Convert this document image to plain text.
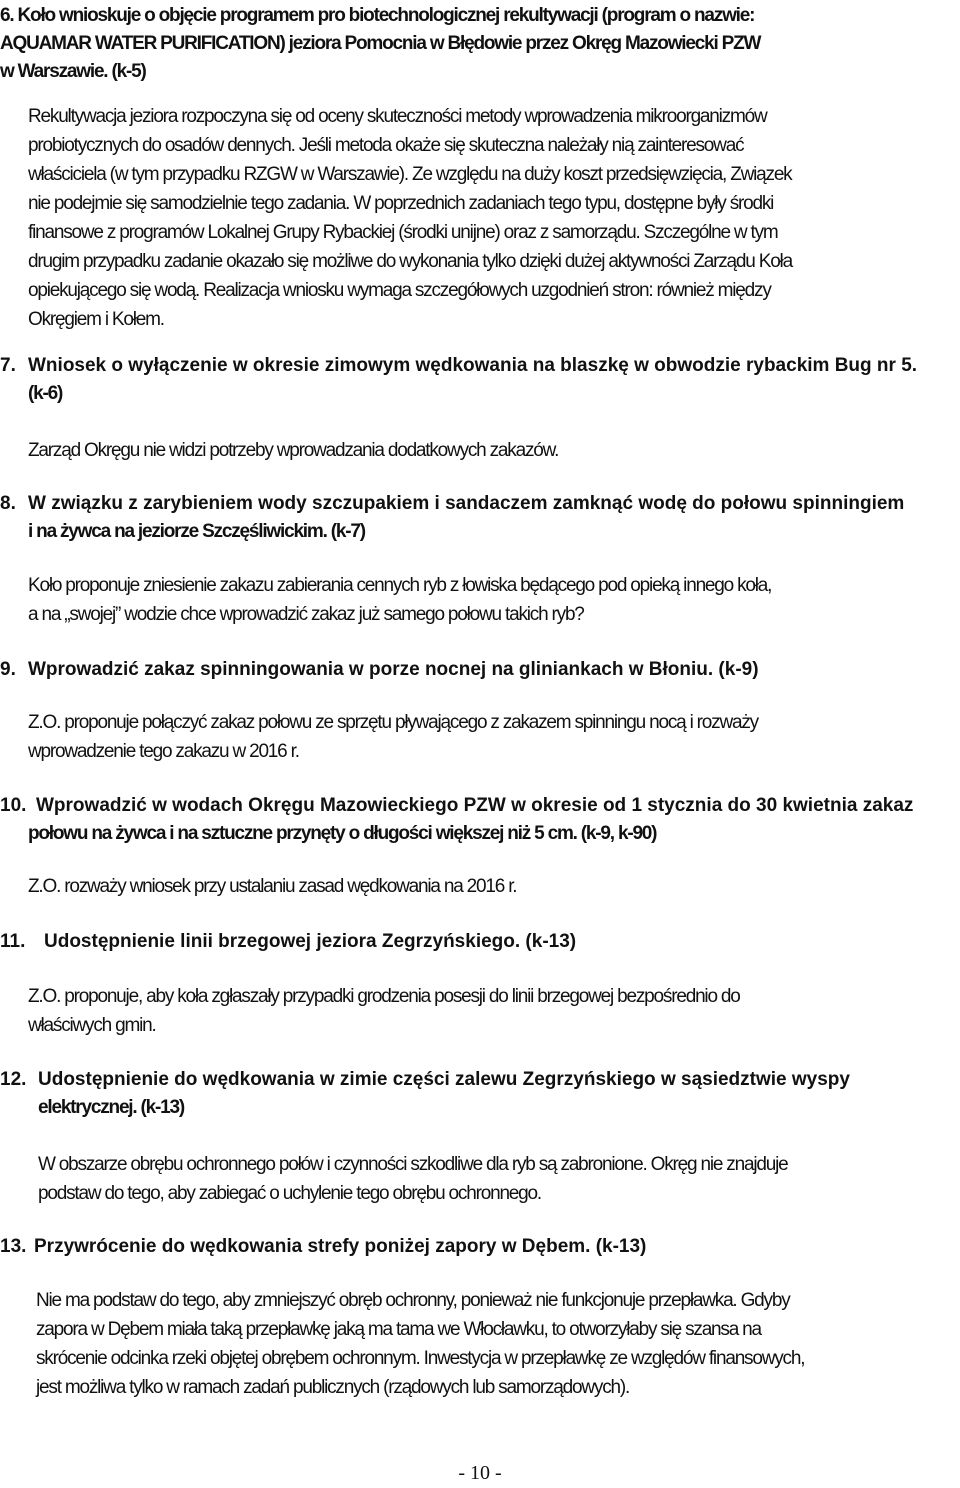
6. Koło wnioskuje o objęcie programem pro biotechnologicznej rekultywacji (program o nazwie:
AQUAMAR WATER PURIFICATION) jeziora Pomocnia w Błędowie przez Okręg Mazowiecki PZW
w Warszawie. (k-5)

Rekultywacja jeziora rozpoczyna się od oceny skuteczności metody wprowadzenia mikroorganizmów
probiotycznych do osadów dennych. Jeśli metoda okaże się skuteczna należały nią zainteresować
właściciela (w tym przypadku RZGW w Warszawie). Ze względu na duży koszt przedsięwzięcia, Związek
nie podejmie się samodzielnie tego zadania. W poprzednich zadaniach tego typu, dostępne były środki
finansowe z programów Lokalnej Grupy Rybackiej (środki unijne) oraz z samorządu. Szczególne w tym
drugim przypadku zadanie okazało się możliwe do wykonania tylko dzięki dużej aktywności Zarządu Koła
opiekującego się wodą. Realizacja wniosku wymaga szczegółowych uzgodnień stron: również między
Okręgiem i Kołem.

7. Wniosek o wyłączenie w okresie zimowym wędkowania na blaszkę w obwodzie rybackim Bug nr 5.
(k-6)

Zarząd Okręgu nie widzi potrzeby wprowadzania dodatkowych zakazów.

8. W związku z zarybieniem wody szczupakiem i sandaczem zamknąć wodę do połowu spinningiem
i na żywca na jeziorze Szczęśliwickim. (k-7)

Koło proponuje zniesienie zakazu zabierania cennych ryb z łowiska będącego pod opieką innego koła,
a na „swojej” wodzie chce wprowadzić zakaz już samego połowu takich ryb?

9. Wprowadzić zakaz spinningowania w porze nocnej na gliniankach w Błoniu. (k-9)

Z.O. proponuje połączyć zakaz połowu ze sprzętu pływającego z zakazem spinningu nocą i rozważy
wprowadzenie tego zakazu w 2016 r.

10. Wprowadzić w wodach Okręgu Mazowieckiego PZW w okresie od 1 stycznia do 30 kwietnia zakaz
połowu na żywca i na sztuczne przynęty o długości większej niż 5 cm. (k-9, k-90)

Z.O. rozważy wniosek przy ustalaniu zasad wędkowania na 2016 r.

11. Udostępnienie linii brzegowej jeziora Zegrzyńskiego. (k-13)

Z.O. proponuje, aby koła zgłaszały przypadki grodzenia posesji do linii brzegowej bezpośrednio do
właściwych gmin.

12. Udostępnienie do wędkowania w zimie części zalewu Zegrzyńskiego w sąsiedztwie wyspy
elektrycznej. (k-13)

W obszarze obrębu ochronnego połów i czynności szkodliwe dla ryb są zabronione. Okręg nie znajduje
podstaw do tego, aby zabiegać o uchylenie tego obrębu ochronnego.

13. Przywrócenie do wędkowania strefy poniżej zapory w Dębem. (k-13)

Nie ma podstaw do tego, aby zmniejszyć obręb ochronny, ponieważ nie funkcjonuje przepławka. Gdyby
zapora w Dębem miała taką przepławkę jaką ma tama we Włocławku, to otworzyłaby się szansa na
skrócenie odcinka rzeki objętej obrębem ochronnym. Inwestycja w przepławkę ze względów finansowych,
jest możliwa tylko w ramach zadań publicznych (rządowych lub samorządowych).

- 10 -
